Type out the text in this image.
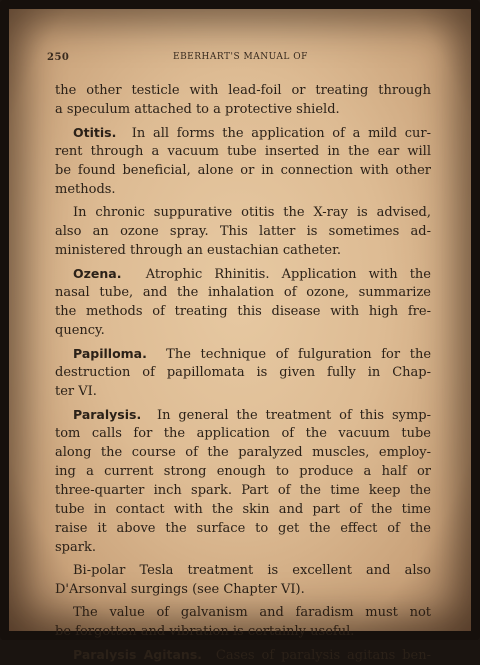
250	EBERHART'S MANUAL OF
the other testicle with lead-foil or treating through
a speculum attached to a protective shield.
Otitis. In all forms the application of a mild cur-
rent through a vacuum tube inserted in the ear will
be found beneficial, alone or in connection with other
methods.
In chronic suppurative otitis the X-ray is advised,
also an ozone spray. This latter is sometimes ad-
ministered through an eustachian catheter.
Ozena. Atrophic Rhinitis. Application with the
nasal tube, and the inhalation of ozone, summarize
the methods of treating this disease with high fre-
quency.
Papilloma. The technique of fulguration for the
destruction of papillomata is given fully in Chap-
ter VI.
Paralysis. In general the treatment of this symp-
tom calls for the application of the vacuum tube
along the course of the paralyzed muscles, employ-
ing a current strong enough to produce a half or
three-quarter inch spark. Part of the time keep the
tube in contact with the skin and part of the time
raise it above the surface to get the effect of the
spark.
Bi-polar Tesla treatment is excellent and also
D'Arsonval surgings (see Chapter VI).
The value of galvanism and faradism must not
be forgotten and vibration is certainly useful.
Paralysis Agitans. Cases of paralysis agitans ben-
